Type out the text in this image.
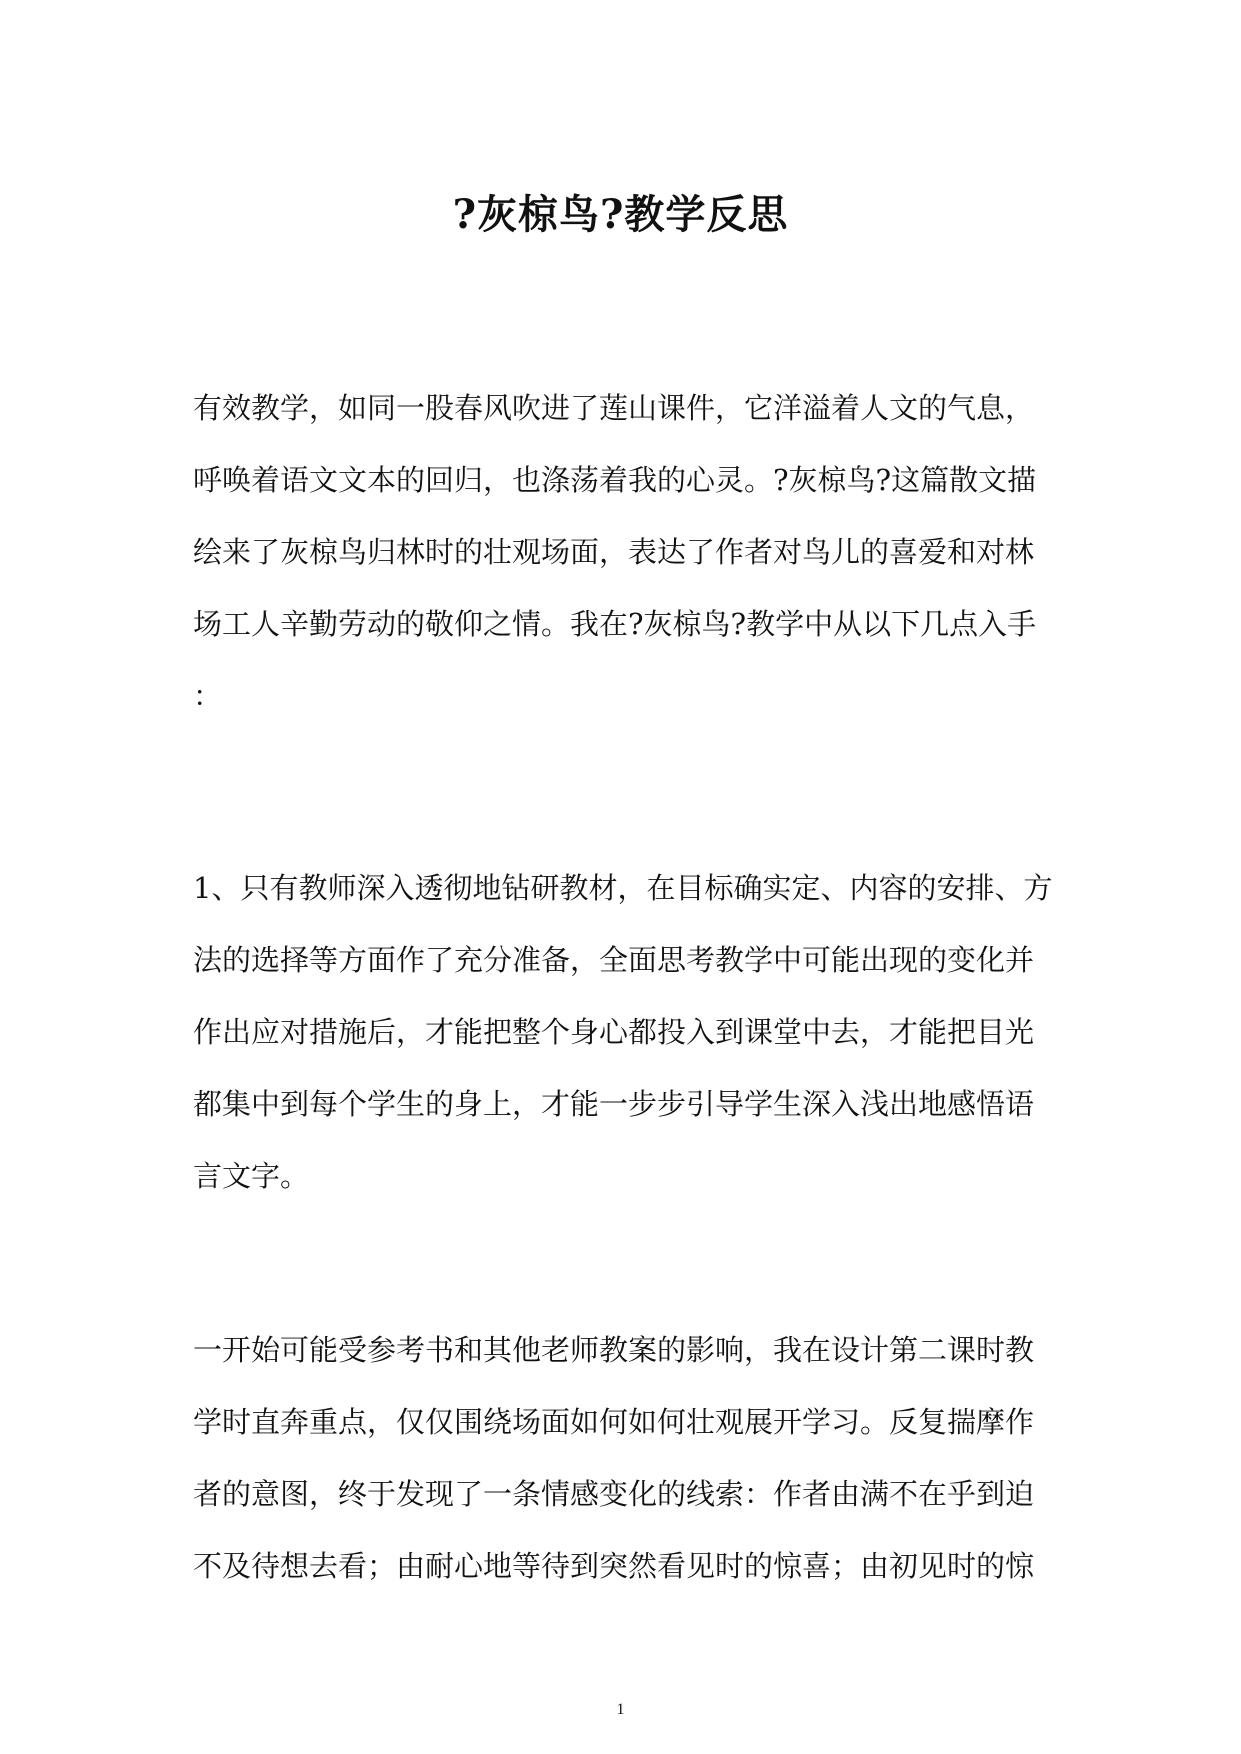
?灰椋鸟?教学反思
有效教学，如同一股春风吹进了莲山课件，它洋溢着人文的气息，
呼唤着语文文本的回归，也涤荡着我的心灵。?灰椋鸟?这篇散文描
绘来了灰椋鸟归林时的壮观场面，表达了作者对鸟儿的喜爱和对林
场工人辛勤劳动的敬仰之情。我在?灰椋鸟?教学中从以下几点入手
：
1、只有教师深入透彻地钻研教材，在目标确实定、内容的安排、方
法的选择等方面作了充分准备，全面思考教学中可能出现的变化并
作出应对措施后，才能把整个身心都投入到课堂中去，才能把目光
都集中到每个学生的身上，才能一步步引导学生深入浅出地感悟语
言文字。
一开始可能受参考书和其他老师教案的影响，我在设计第二课时教
学时直奔重点，仅仅围绕场面如何如何壮观展开学习。反复揣摩作
者的意图，终于发现了一条情感变化的线索：作者由满不在乎到迫
不及待想去看；由耐心地等待到突然看见时的惊喜；由初见时的惊
1
